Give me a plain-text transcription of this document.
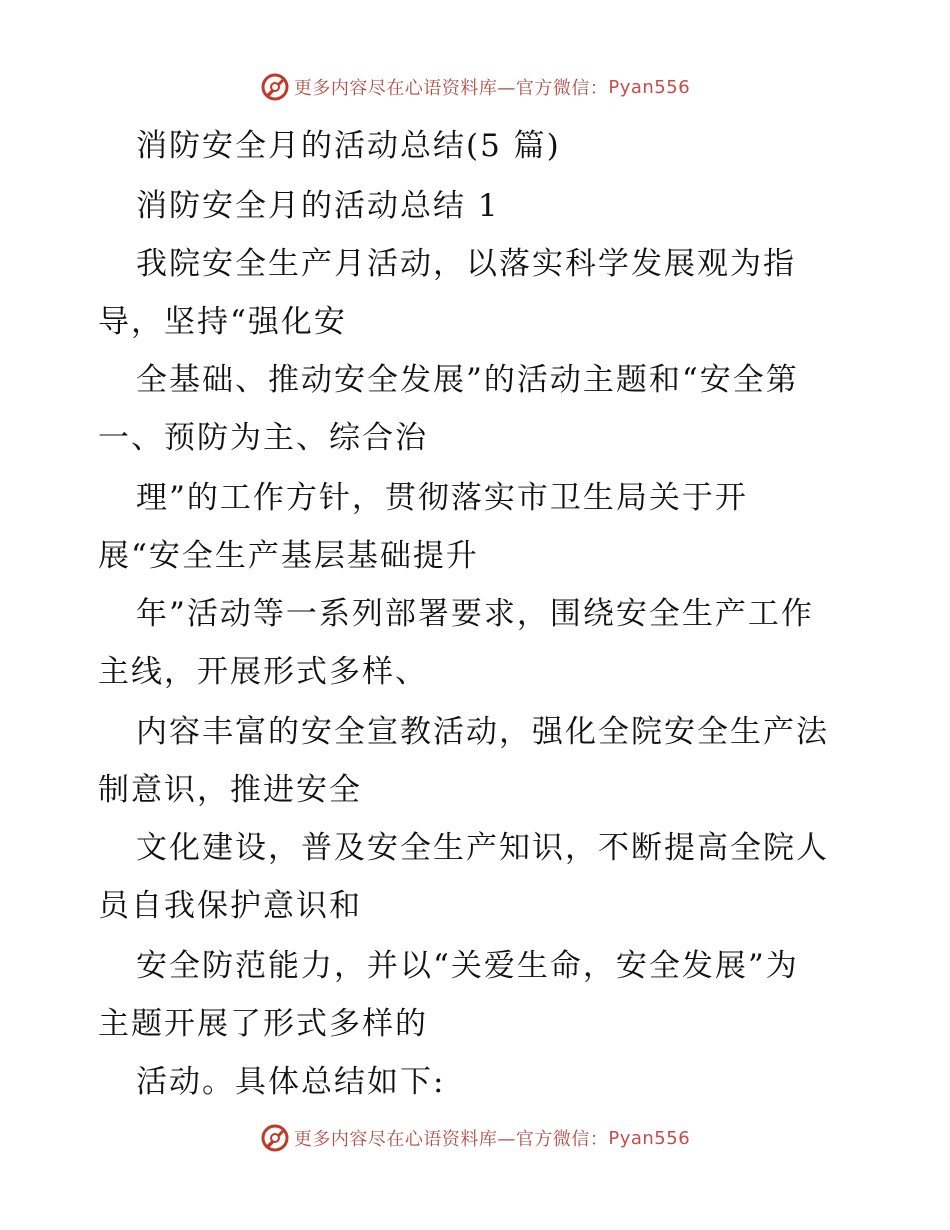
更多内容尽在心语资料库—官方微信： Pyan556
消防安全月的活动总结(5 篇)
消防安全月的活动总结 1
我院安全生产月活动，以落实科学发展观为指
导，坚持“强化安
全基础、推动安全发展”的活动主题和“安全第
一、预防为主、综合治
理”的工作方针，贯彻落实市卫生局关于开
展“安全生产基层基础提升
年”活动等一系列部署要求，围绕安全生产工作
主线，开展形式多样、
内容丰富的安全宣教活动，强化全院安全生产法
制意识，推进安全
文化建设，普及安全生产知识，不断提高全院人
员自我保护意识和
安全防范能力，并以“关爱生命，安全发展”为
主题开展了形式多样的
活动。具体总结如下:
更多内容尽在心语资料库—官方微信： Pyan556
